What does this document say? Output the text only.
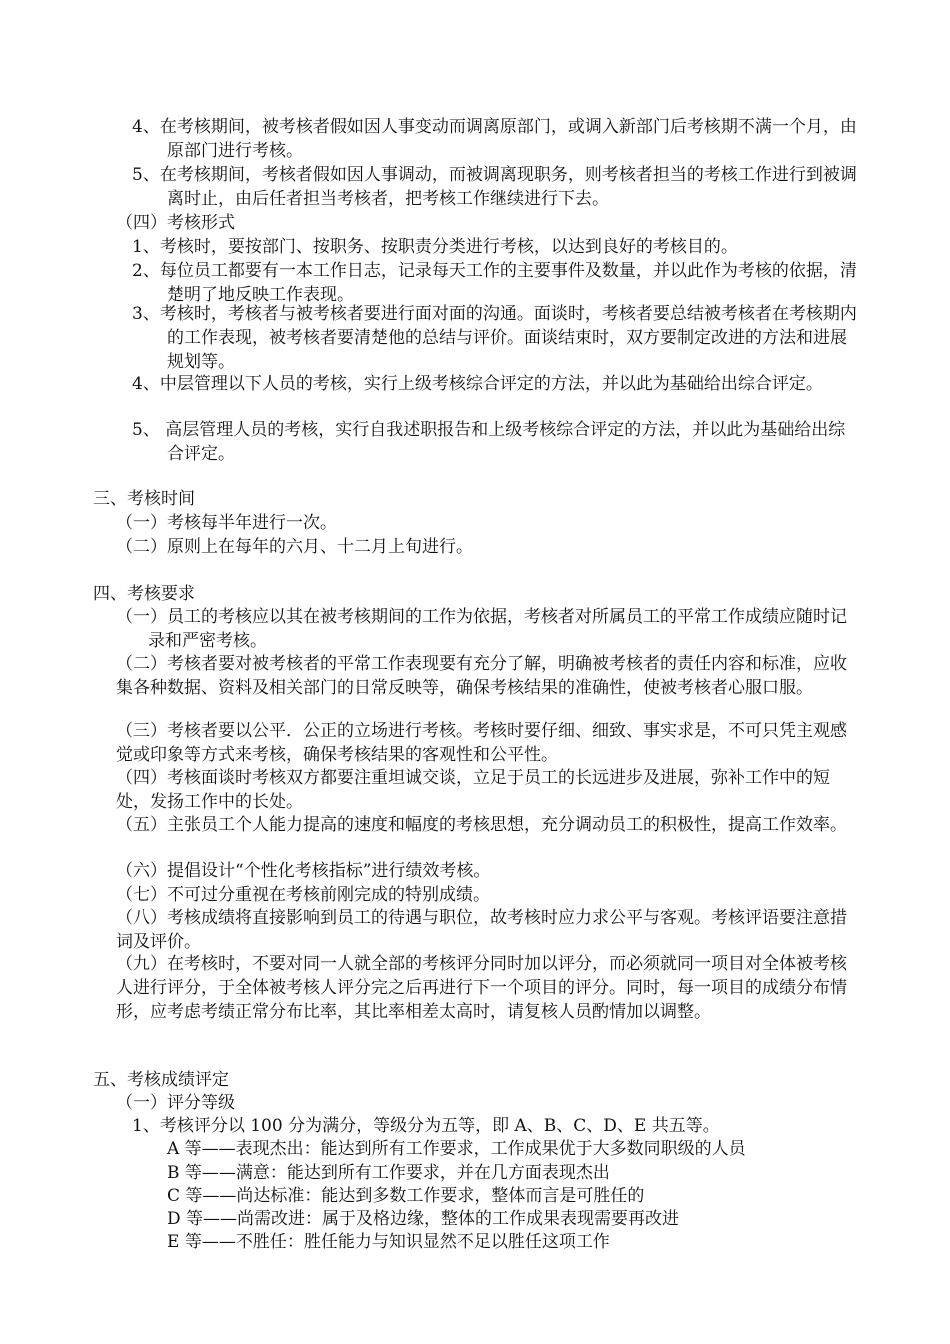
4、在考核期间，被考核者假如因人事变动而调离原部门，或调入新部门后考核期不满一个月，由原部门进行考核。
5、在考核期间，考核者假如因人事调动，而被调离现职务，则考核者担当的考核工作进行到被调离时止，由后任者担当考核者，把考核工作继续进行下去。
（四）考核形式
1、考核时，要按部门、按职务、按职责分类进行考核，以达到良好的考核目的。
2、每位员工都要有一本工作日志，记录每天工作的主要事件及数量，并以此作为考核的依据，清楚明了地反映工作表现。
3、考核时，考核者与被考核者要进行面对面的沟通。面谈时，考核者要总结被考核者在考核期内的工作表现，被考核者要清楚他的总结与评价。面谈结束时，双方要制定改进的方法和进展规划等。
4、中层管理以下人员的考核，实行上级考核综合评定的方法，并以此为基础给出综合评定。
5、 高层管理人员的考核，实行自我述职报告和上级考核综合评定的方法，并以此为基础给出综合评定。
三、考核时间
（一）考核每半年进行一次。
（二）原则上在每年的六月、十二月上旬进行。
四、考核要求
（一）员工的考核应以其在被考核期间的工作为依据，考核者对所属员工的平常工作成绩应随时记录和严密考核。
（二）考核者要对被考核者的平常工作表现要有充分了解，明确被考核者的责任内容和标准，应收集各种数据、资料及相关部门的日常反映等，确保考核结果的准确性，使被考核者心服口服。
（三）考核者要以公平．公正的立场进行考核。考核时要仔细、细致、事实求是，不可只凭主观感觉或印象等方式来考核，确保考核结果的客观性和公平性。
（四）考核面谈时考核双方都要注重坦诚交谈，立足于员工的长远进步及进展，弥补工作中的短处，发扬工作中的长处。
（五）主张员工个人能力提高的速度和幅度的考核思想，充分调动员工的积极性，提高工作效率。
（六）提倡设计“个性化考核指标”进行绩效考核。
（七）不可过分重视在考核前刚完成的特别成绩。
（八）考核成绩将直接影响到员工的待遇与职位，故考核时应力求公平与客观。考核评语要注意措词及评价。
（九）在考核时，不要对同一人就全部的考核评分同时加以评分，而必须就同一项目对全体被考核人进行评分，于全体被考核人评分完之后再进行下一个项目的评分。同时，每一项目的成绩分布情形，应考虑考绩正常分布比率，其比率相差太高时，请复核人员酌情加以调整。
五、考核成绩评定
（一）评分等级
1、考核评分以 100 分为满分，等级分为五等，即 A、B、C、D、E 共五等。
A 等——表现杰出：能达到所有工作要求，工作成果优于大多数同职级的人员
B 等——满意：能达到所有工作要求，并在几方面表现杰出
C 等——尚达标准：能达到多数工作要求，整体而言是可胜任的
D 等——尚需改进：属于及格边缘，整体的工作成果表现需要再改进
E 等——不胜任：胜任能力与知识显然不足以胜任这项工作
